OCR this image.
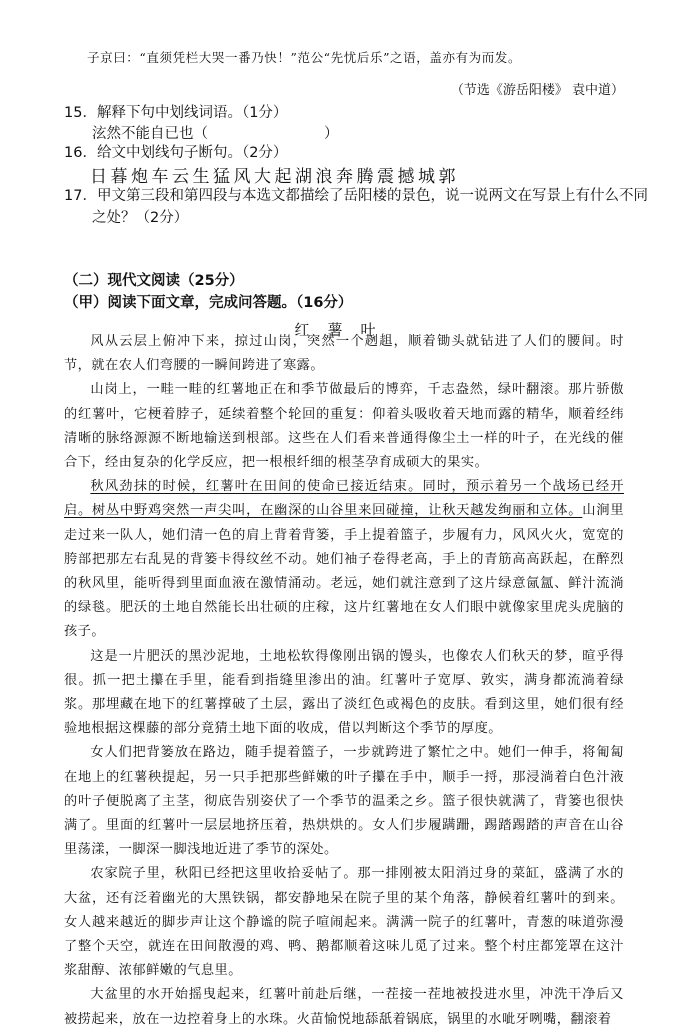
子京曰：“直须凭栏大哭一番乃快！”范公“先忧后乐”之语，盖亦有为而发。
（节选《游岳阳楼》 袁中道）
15．解释下句中划线词语。（1分）
泫然不能自已也（　　　　　　　　）
16．给文中划线句子断句。（2分）
日暮炮车云生猛风大起湖浪奔腾震撼城郭
17．甲文第三段和第四段与本选文都描绘了岳阳楼的景色，说一说两文在写景上有什么不同
之处？（2分）
（二）现代文阅读（25分）
（甲）阅读下面文章，完成问答题。（16分）
红薯叶

风从云层上俯冲下来，掠过山岗，突然一个趔趄，顺着锄头就钻进了人们的腰间。时节，就在农人们弯腰的一瞬间跨进了寒露。

山岗上，一畦一畦的红薯地正在和季节做最后的博弈，千志盎然，绿叶翻滚。那片骄傲的红薯叶，它梗着脖子，延续着整个轮回的重复：仰着头吸收着天地而露的精华，顺着经纬清晰的脉络源源不断地输送到根部。这些在人们看来普通得像尘土一样的叶子，在光线的催合下，经由复杂的化学反应，把一根根纤细的根茎孕育成硕大的果实。

秋风劲抹的时候，红薯叶在田间的使命已接近结束。同时，预示着另一个战场已经开启。树丛中野鸡突然一声尖叫，在幽深的山谷里来回碰撞，让秋天越发绚丽和立体。山涧里走过来一队人，她们清一色的肩上背着背篓，手上提着篮子，步履有力，风风火火，宽宽的胯部把那左右乱晃的背篓卡得纹丝不动。她们袖子卷得老高，手上的青筋高高跃起，在醉烈的秋风里，能听得到里面血液在激情涌动。老远，她们就注意到了这片绿意氤氲、鲜汁流淌的绿毯。肥沃的土地自然能长出壮硕的庄稼，这片红薯地在女人们眼中就像家里虎头虎脑的孩子。

这是一片肥沃的黑沙泥地，土地松软得像刚出锅的馒头，也像农人们秋天的梦，暄乎得很。抓一把土攥在手里，能看到指缝里渗出的油。红薯叶子宽厚、敦实，满身都流淌着绿浆。那埋藏在地下的红薯撑破了土层，露出了淡红色或褐色的皮肤。看到这里，她们很有经验地根据这棵藤的部分竟猜土地下面的收成，借以判断这个季节的厚度。

女人们把背篓放在路边，随手提着篮子，一步就跨进了繁忙之中。她们一伸手，将匍匐在地上的红薯秧提起，另一只手把那些鲜嫩的叶子攥在手中，顺手一捋，那浸淌着白色汁液的叶子便脱离了主茎，彻底告别姿伏了一个季节的温柔之乡。篮子很快就满了，背篓也很快满了。里面的红薯叶一层层地挤压着，热烘烘的。女人们步履蹒跚，踢踏踢踏的声音在山谷里荡漾，一脚深一脚浅地近进了季节的深处。

农家院子里，秋阳已经把这里收拾妥帖了。那一排刚被太阳消过身的菜缸，盛满了水的大盆，还有泛着幽光的大黑铁锅，都安静地呆在院子里的某个角落，静候着红薯叶的到来。女人越来越近的脚步声让这个静谧的院子喧闹起来。满满一院子的红薯叶，青葱的味道弥漫了整个天空，就连在田间散漫的鸡、鸭、鹅都顺着这味儿觅了过来。整个村庄都笼罩在这汁浆甜醇、浓郁鲜嫩的气息里。

大盆里的水开始摇曳起来，红薯叶前赴后继，一茬接一茬地被投进水里，冲洗干净后又被捞起来，放在一边控着身上的水珠。火苗愉悦地舔舐着锅底，锅里的水呲牙咧嘴，翻滚着
